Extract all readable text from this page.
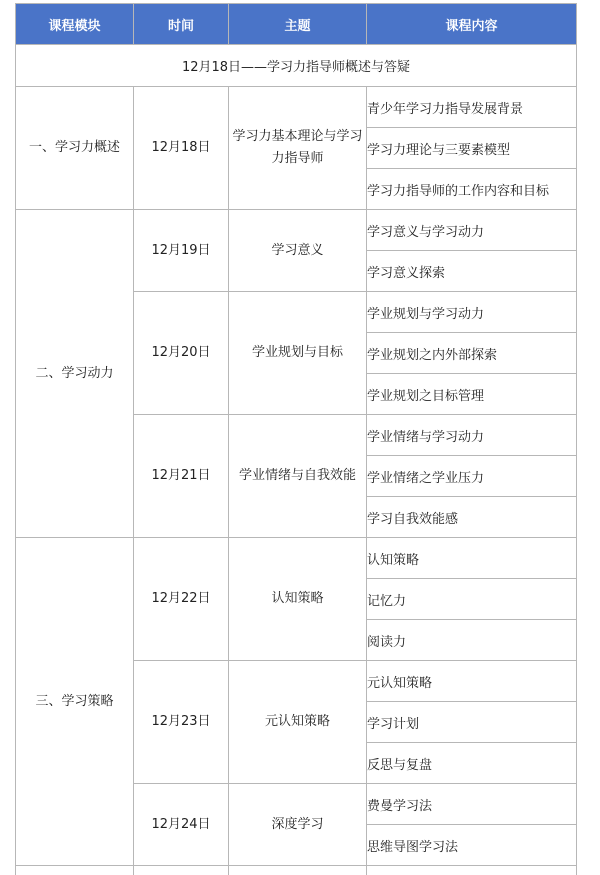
课程模块	时间	主题	课程内容
12月18日——学习力指导师概述与答疑			
一、学习力概述	12月18日	学习力基本理论与学习力指导师	青少年学习力指导发展背景
			学习力理论与三要素模型
			学习力指导师的工作内容和目标
二、学习动力	12月19日	学习意义	学习意义与学习动力
			学习意义探索
	12月20日	学业规划与目标	学业规划与学习动力
			学业规划之内外部探索
			学业规划之目标管理
	12月21日	学业情绪与自我效能	学业情绪与学习动力
			学业情绪之学业压力
			学习自我效能感
三、学习策略	12月22日	认知策略	认知策略
			记忆力
			阅读力
	12月23日	元认知策略	元认知策略
			学习计划
			反思与复盘
	12月24日	深度学习	费曼学习法
			思维导图学习法
